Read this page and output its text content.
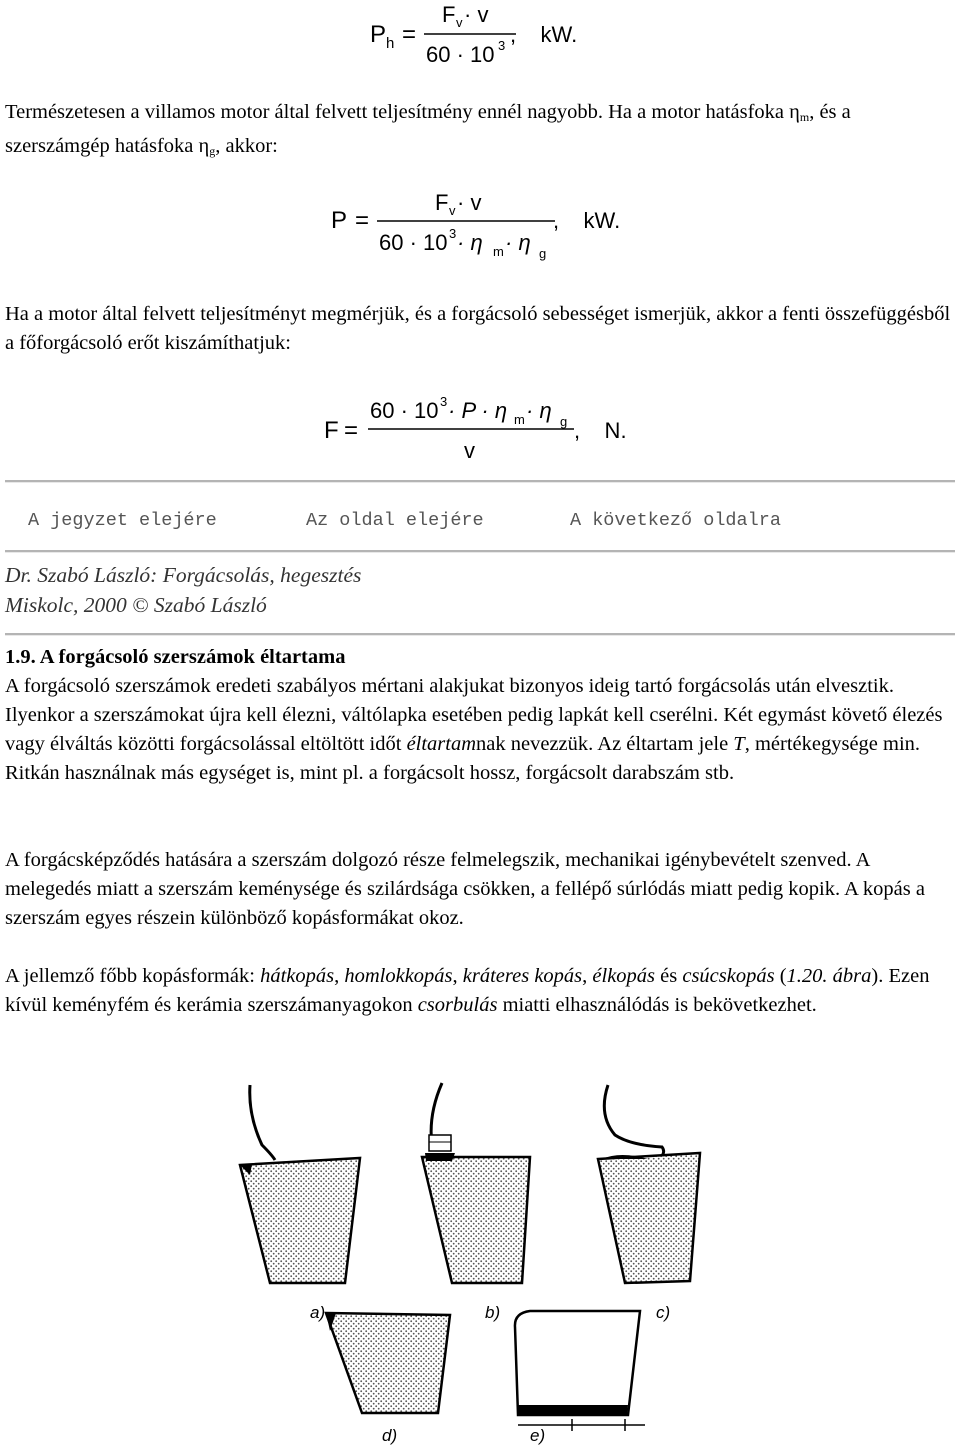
P h =
F v · v
60 · 10 3 ,    kW.

Természetesen a villamos motor által felvett teljesítmény ennél nagyobb. Ha a motor hatásfoka $\eta_m$, és a szerszámgép hatásfoka $\eta_g$, akkor:

P =
F v · v
60 · 10 3 · η m · η g
,    kW.

Ha a motor által felvett teljesítményt megmérjük, és a forgácsoló sebességet ismerjük, akkor a fenti összefüggésből a főforgácsoló erőt kiszámíthatjuk:

F =
60 · 10 3 · P · η m · η g
v
,    N.
A jegyzet elejére	Az oldal elejére	A következő oldalra
Dr. Szabó László: Forgácsolás, hegesztés
Miskolc, 2000 © Szabó László
1.9. A forgácsoló szerszámok éltartama

A forgácsoló szerszámok eredeti szabályos mértani alakjukat bizonyos ideig tartó forgácsolás után elvesztik. Ilyenkor a szerszámokat újra kell élezni, váltólapka esetében pedig lapkát kell cserélni. Két egymást követő élezés vagy élváltás közötti forgácsolással eltöltött időt éltartamnak nevezzük. Az éltartam jele T, mértékegysége min. Ritkán használnak más egységet is, mint pl. a forgácsolt hossz, forgácsolt darabszám stb.

A forgácsképződés hatására a szerszám dolgozó része felmelegszik, mechanikai igénybevételt szenved. A melegedés miatt a szerszám keménysége és szilárdsága csökken, a fellépő súrlódás miatt pedig kopik. A kopás a szerszám egyes részein különböző kopásformákat okoz.

A jellemző főbb kopásformák: hátkopás, homlokkopás, kráteres kopás, élkopás és csúcskopás (1.20. ábra). Ezen kívül keményfém és kerámia szerszámanyagokon csorbulás miatti elhasználódás is bekövetkezhet.

a)	b)	c)
d)	e)
